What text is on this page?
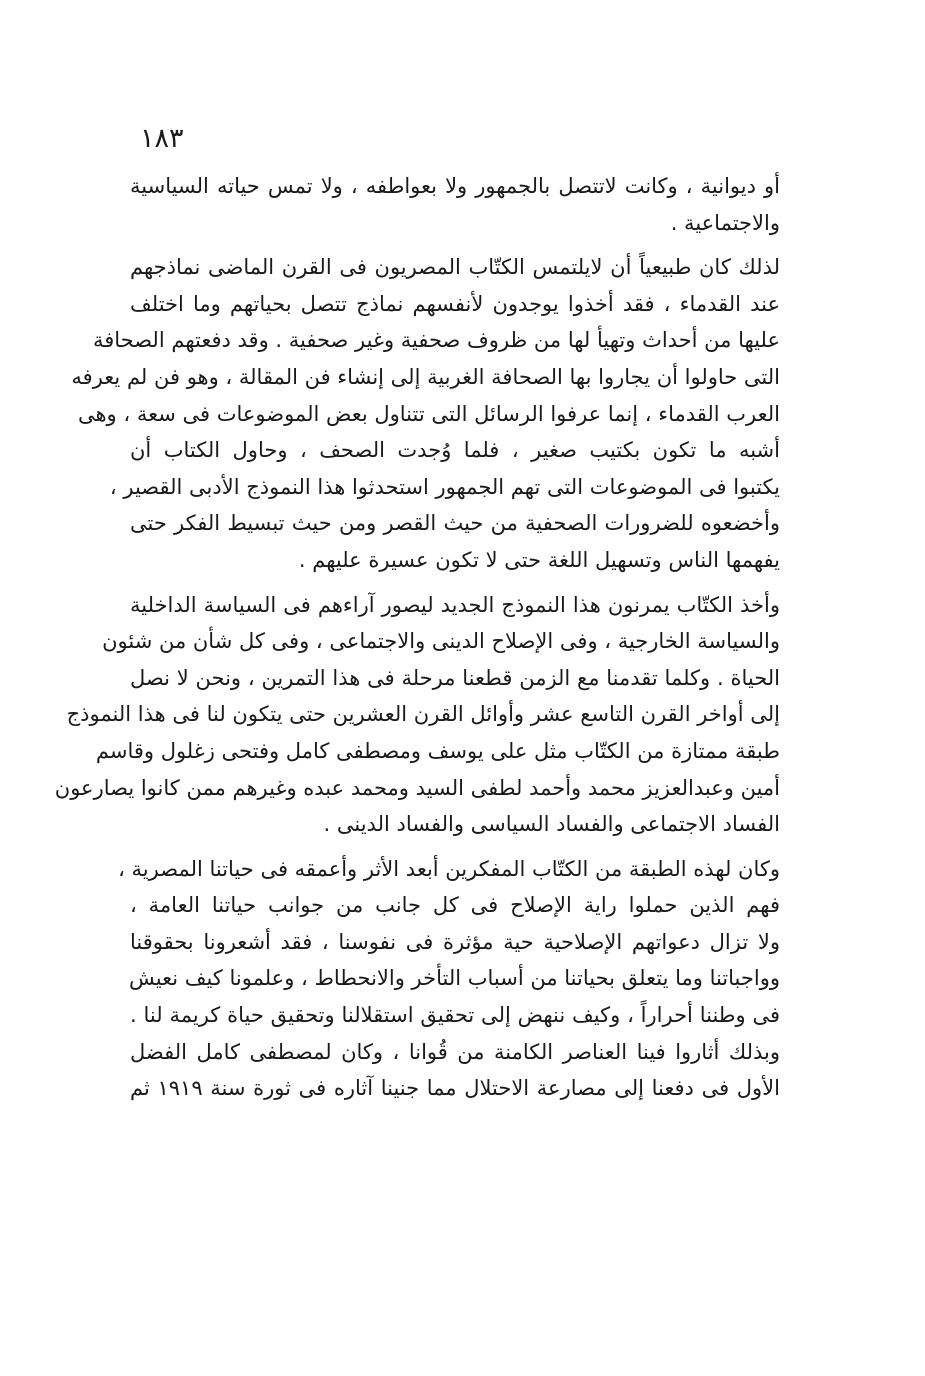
١٨٣
أو ديوانية ، وكانت لاتتصل بالجمهور ولا بعواطفه ، ولا تمس حياته السياسية
والاجتماعية .
لذلك كان طبيعياً أن لايلتمس الكتّاب المصريون فى القرن الماضى نماذجهم
عند القدماء ، فقد أخذوا يوجدون لأنفسهم نماذج تتصل بحياتهم وما اختلف
عليها من أحداث وتهيأ لها من ظروف صحفية وغير صحفية . وقد دفعتهم الصحافة
التى حاولوا أن يجاروا بها الصحافة الغربية إلى إنشاء فن المقالة ، وهو فن لم يعرفه
العرب القدماء ، إنما عرفوا الرسائل التى تتناول بعض الموضوعات فى سعة ، وهى
أشبه ما تكون بكتيب صغير ، فلما وُجدت الصحف ، وحاول الكتاب أن
يكتبوا فى الموضوعات التى تهم الجمهور استحدثوا هذا النموذج الأدبى القصير ،
وأخضعوه للضرورات الصحفية من حيث القصر ومن حيث تبسيط الفكر حتى
يفهمها الناس وتسهيل اللغة حتى لا تكون عسيرة عليهم .
وأخذ الكتّاب يمرنون هذا النموذج الجديد ليصور آراءهم فى السياسة الداخلية
والسياسة الخارجية ، وفى الإصلاح الدينى والاجتماعى ، وفى كل شأن من شئون
الحياة . وكلما تقدمنا مع الزمن قطعنا مرحلة فى هذا التمرين ، ونحن لا نصل
إلى أواخر القرن التاسع عشر وأوائل القرن العشرين حتى يتكون لنا فى هذا النموذج
طبقة ممتازة من الكتّاب مثل على يوسف ومصطفى كامل وفتحى زغلول وقاسم
أمين وعبدالعزيز محمد وأحمد لطفى السيد ومحمد عبده وغيرهم ممن كانوا يصارعون
الفساد الاجتماعى والفساد السياسى والفساد الدينى .
وكان لهذه الطبقة من الكتّاب المفكرين أبعد الأثر وأعمقه فى حياتنا المصرية ،
فهم الذين حملوا راية الإصلاح فى كل جانب من جوانب حياتنا العامة ،
ولا تزال دعواتهم الإصلاحية حية مؤثرة فى نفوسنا ، فقد أشعرونا بحقوقنا
وواجباتنا وما يتعلق بحياتنا من أسباب التأخر والانحطاط ، وعلمونا كيف نعيش
فى وطننا أحراراً ، وكيف ننهض إلى تحقيق استقلالنا وتحقيق حياة كريمة لنا .
وبذلك أثاروا فينا العناصر الكامنة من قُوانا ، وكان لمصطفى كامل الفضل
الأول فى دفعنا إلى مصارعة الاحتلال مما جنينا آثاره فى ثورة سنة ١٩١٩ ثم
